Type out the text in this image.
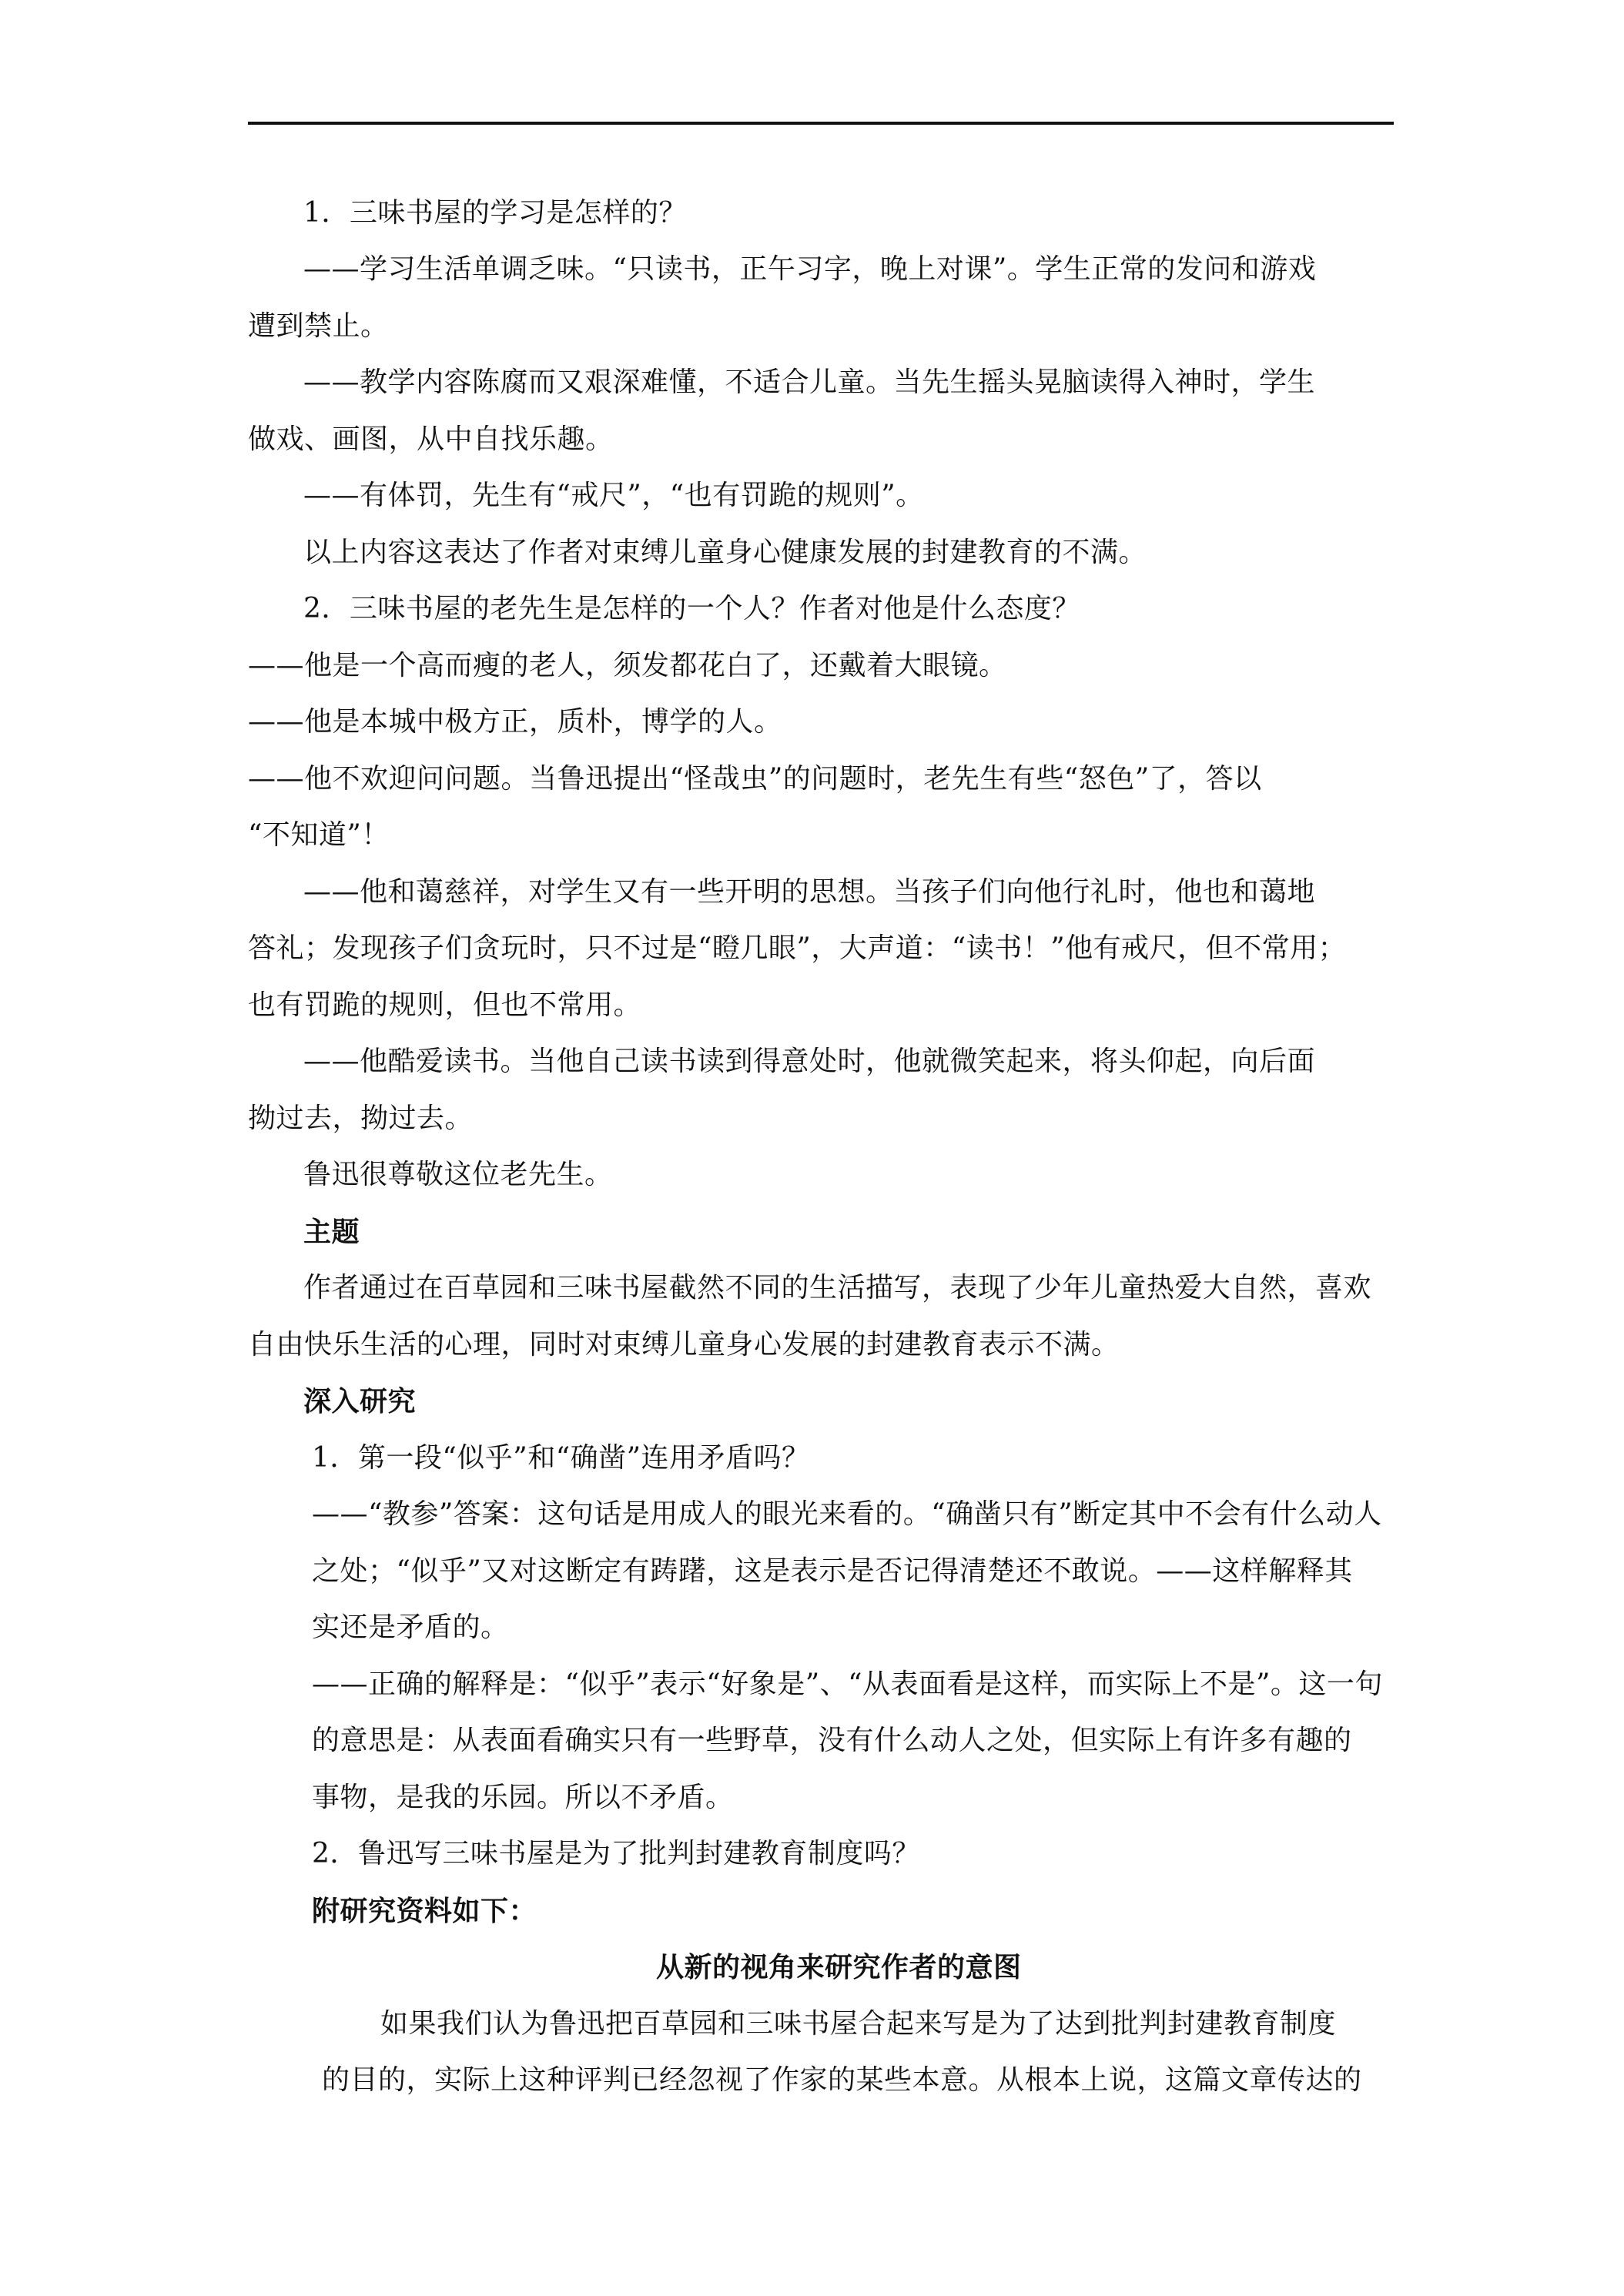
1．三味书屋的学习是怎样的？
——学习生活单调乏味。“只读书，正午习字，晚上对课”。学生正常的发问和游戏
遭到禁止。
——教学内容陈腐而又艰深难懂，不适合儿童。当先生摇头晃脑读得入神时，学生
做戏、画图，从中自找乐趣。
——有体罚，先生有“戒尺”，“也有罚跪的规则”。
以上内容这表达了作者对束缚儿童身心健康发展的封建教育的不满。
2．三味书屋的老先生是怎样的一个人？作者对他是什么态度？
——他是一个高而瘦的老人，须发都花白了，还戴着大眼镜。
——他是本城中极方正，质朴，博学的人。
——他不欢迎问问题。当鲁迅提出“怪哉虫”的问题时，老先生有些“怒色”了，答以
“不知道”！
——他和蔼慈祥，对学生又有一些开明的思想。当孩子们向他行礼时，他也和蔼地
答礼；发现孩子们贪玩时，只不过是“瞪几眼”，大声道：“读书！”他有戒尺，但不常用；
也有罚跪的规则，但也不常用。
——他酷爱读书。当他自己读书读到得意处时，他就微笑起来，将头仰起，向后面
拗过去，拗过去。
鲁迅很尊敬这位老先生。
主题
作者通过在百草园和三味书屋截然不同的生活描写，表现了少年儿童热爱大自然，喜欢
自由快乐生活的心理，同时对束缚儿童身心发展的封建教育表示不满。
深入研究
1．第一段“似乎”和“确凿”连用矛盾吗？
——“教参”答案：这句话是用成人的眼光来看的。“确凿只有”断定其中不会有什么动人
之处；“似乎”又对这断定有踌躇，这是表示是否记得清楚还不敢说。——这样解释其
实还是矛盾的。
——正确的解释是：“似乎”表示“好象是”、“从表面看是这样，而实际上不是”。这一句
的意思是：从表面看确实只有一些野草，没有什么动人之处，但实际上有许多有趣的
事物，是我的乐园。所以不矛盾。
2．鲁迅写三味书屋是为了批判封建教育制度吗？
附研究资料如下：
从新的视角来研究作者的意图
如果我们认为鲁迅把百草园和三味书屋合起来写是为了达到批判封建教育制度
的目的，实际上这种评判已经忽视了作家的某些本意。从根本上说，这篇文章传达的
